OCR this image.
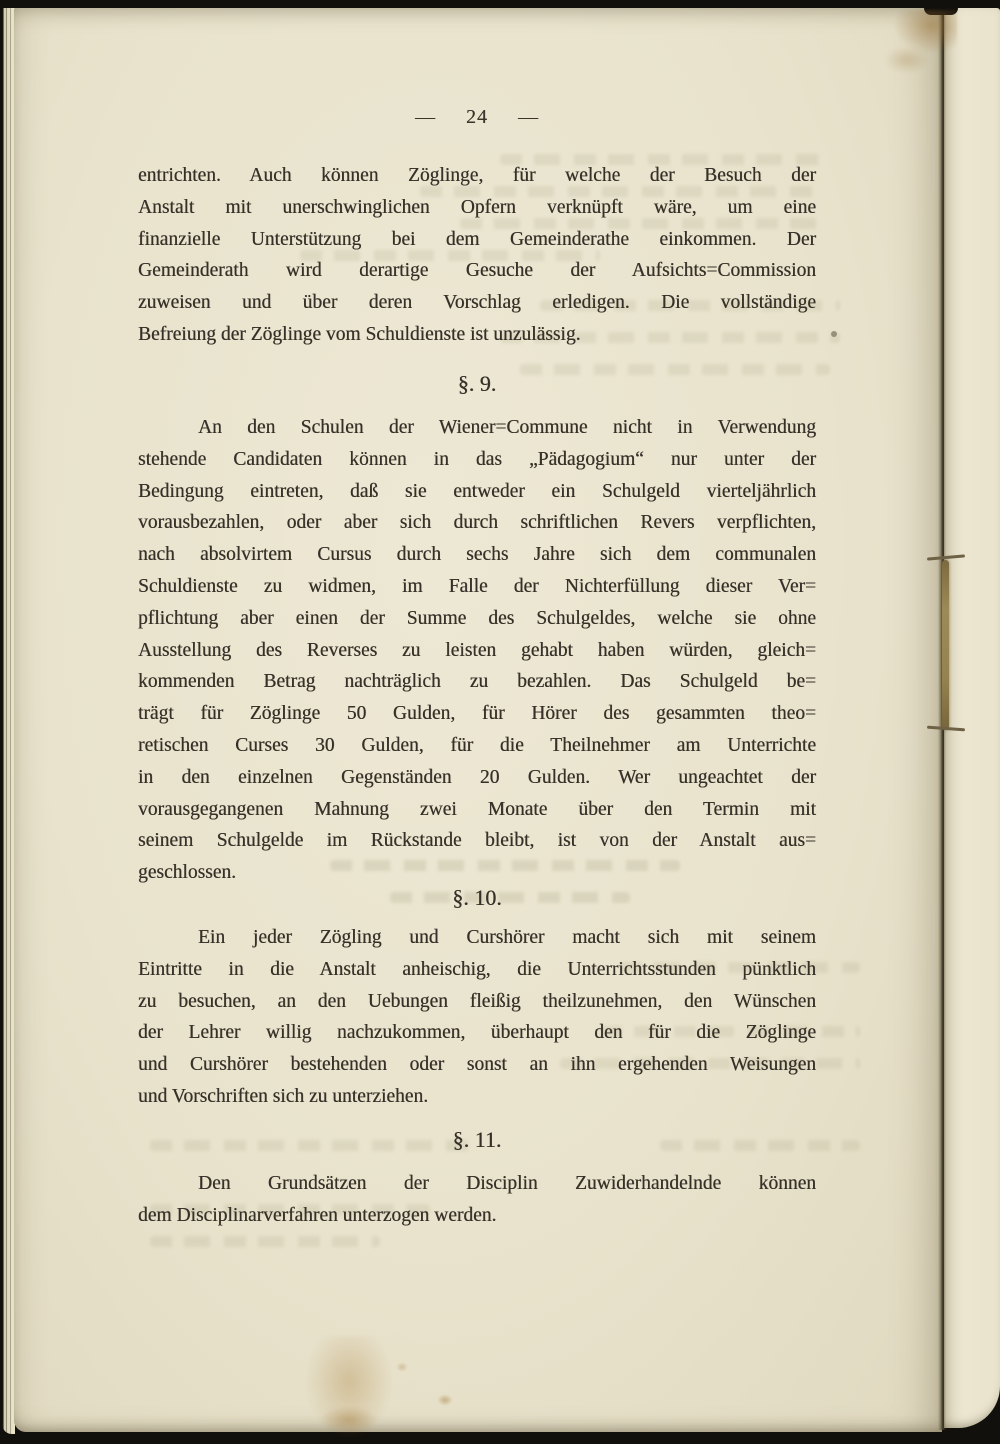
— 24 —
entrichten. Auch können Zöglinge, für welche der Besuch der
Anstalt mit unerschwinglichen Opfern verknüpft wäre, um eine
finanzielle Unterstützung bei dem Gemeinderathe einkommen. Der
Gemeinderath wird derartige Gesuche der Aufsichts=Commission
zuweisen und über deren Vorschlag erledigen. Die vollständige
Befreiung der Zöglinge vom Schuldienste ist unzulässig.
§. 9.
An den Schulen der Wiener=Commune nicht in Verwendung
stehende Candidaten können in das „Pädagogium“ nur unter der
Bedingung eintreten, daß sie entweder ein Schulgeld vierteljährlich
vorausbezahlen, oder aber sich durch schriftlichen Revers verpflichten,
nach absolvirtem Cursus durch sechs Jahre sich dem communalen
Schuldienste zu widmen, im Falle der Nichterfüllung dieser Ver=
pflichtung aber einen der Summe des Schulgeldes, welche sie ohne
Ausstellung des Reverses zu leisten gehabt haben würden, gleich=
kommenden Betrag nachträglich zu bezahlen. Das Schulgeld be=
trägt für Zöglinge 50 Gulden, für Hörer des gesammten theo=
retischen Curses 30 Gulden, für die Theilnehmer am Unterrichte
in den einzelnen Gegenständen 20 Gulden. Wer ungeachtet der
vorausgegangenen Mahnung zwei Monate über den Termin mit
seinem Schulgelde im Rückstande bleibt, ist von der Anstalt aus=
geschlossen.
§. 10.
Ein jeder Zögling und Curshörer macht sich mit seinem
Eintritte in die Anstalt anheischig, die Unterrichtsstunden pünktlich
zu besuchen, an den Uebungen fleißig theilzunehmen, den Wünschen
der Lehrer willig nachzukommen, überhaupt den für die Zöglinge
und Curshörer bestehenden oder sonst an ihn ergehenden Weisungen
und Vorschriften sich zu unterziehen.
§. 11.
Den Grundsätzen der Disciplin Zuwiderhandelnde können
dem Disciplinarverfahren unterzogen werden.
